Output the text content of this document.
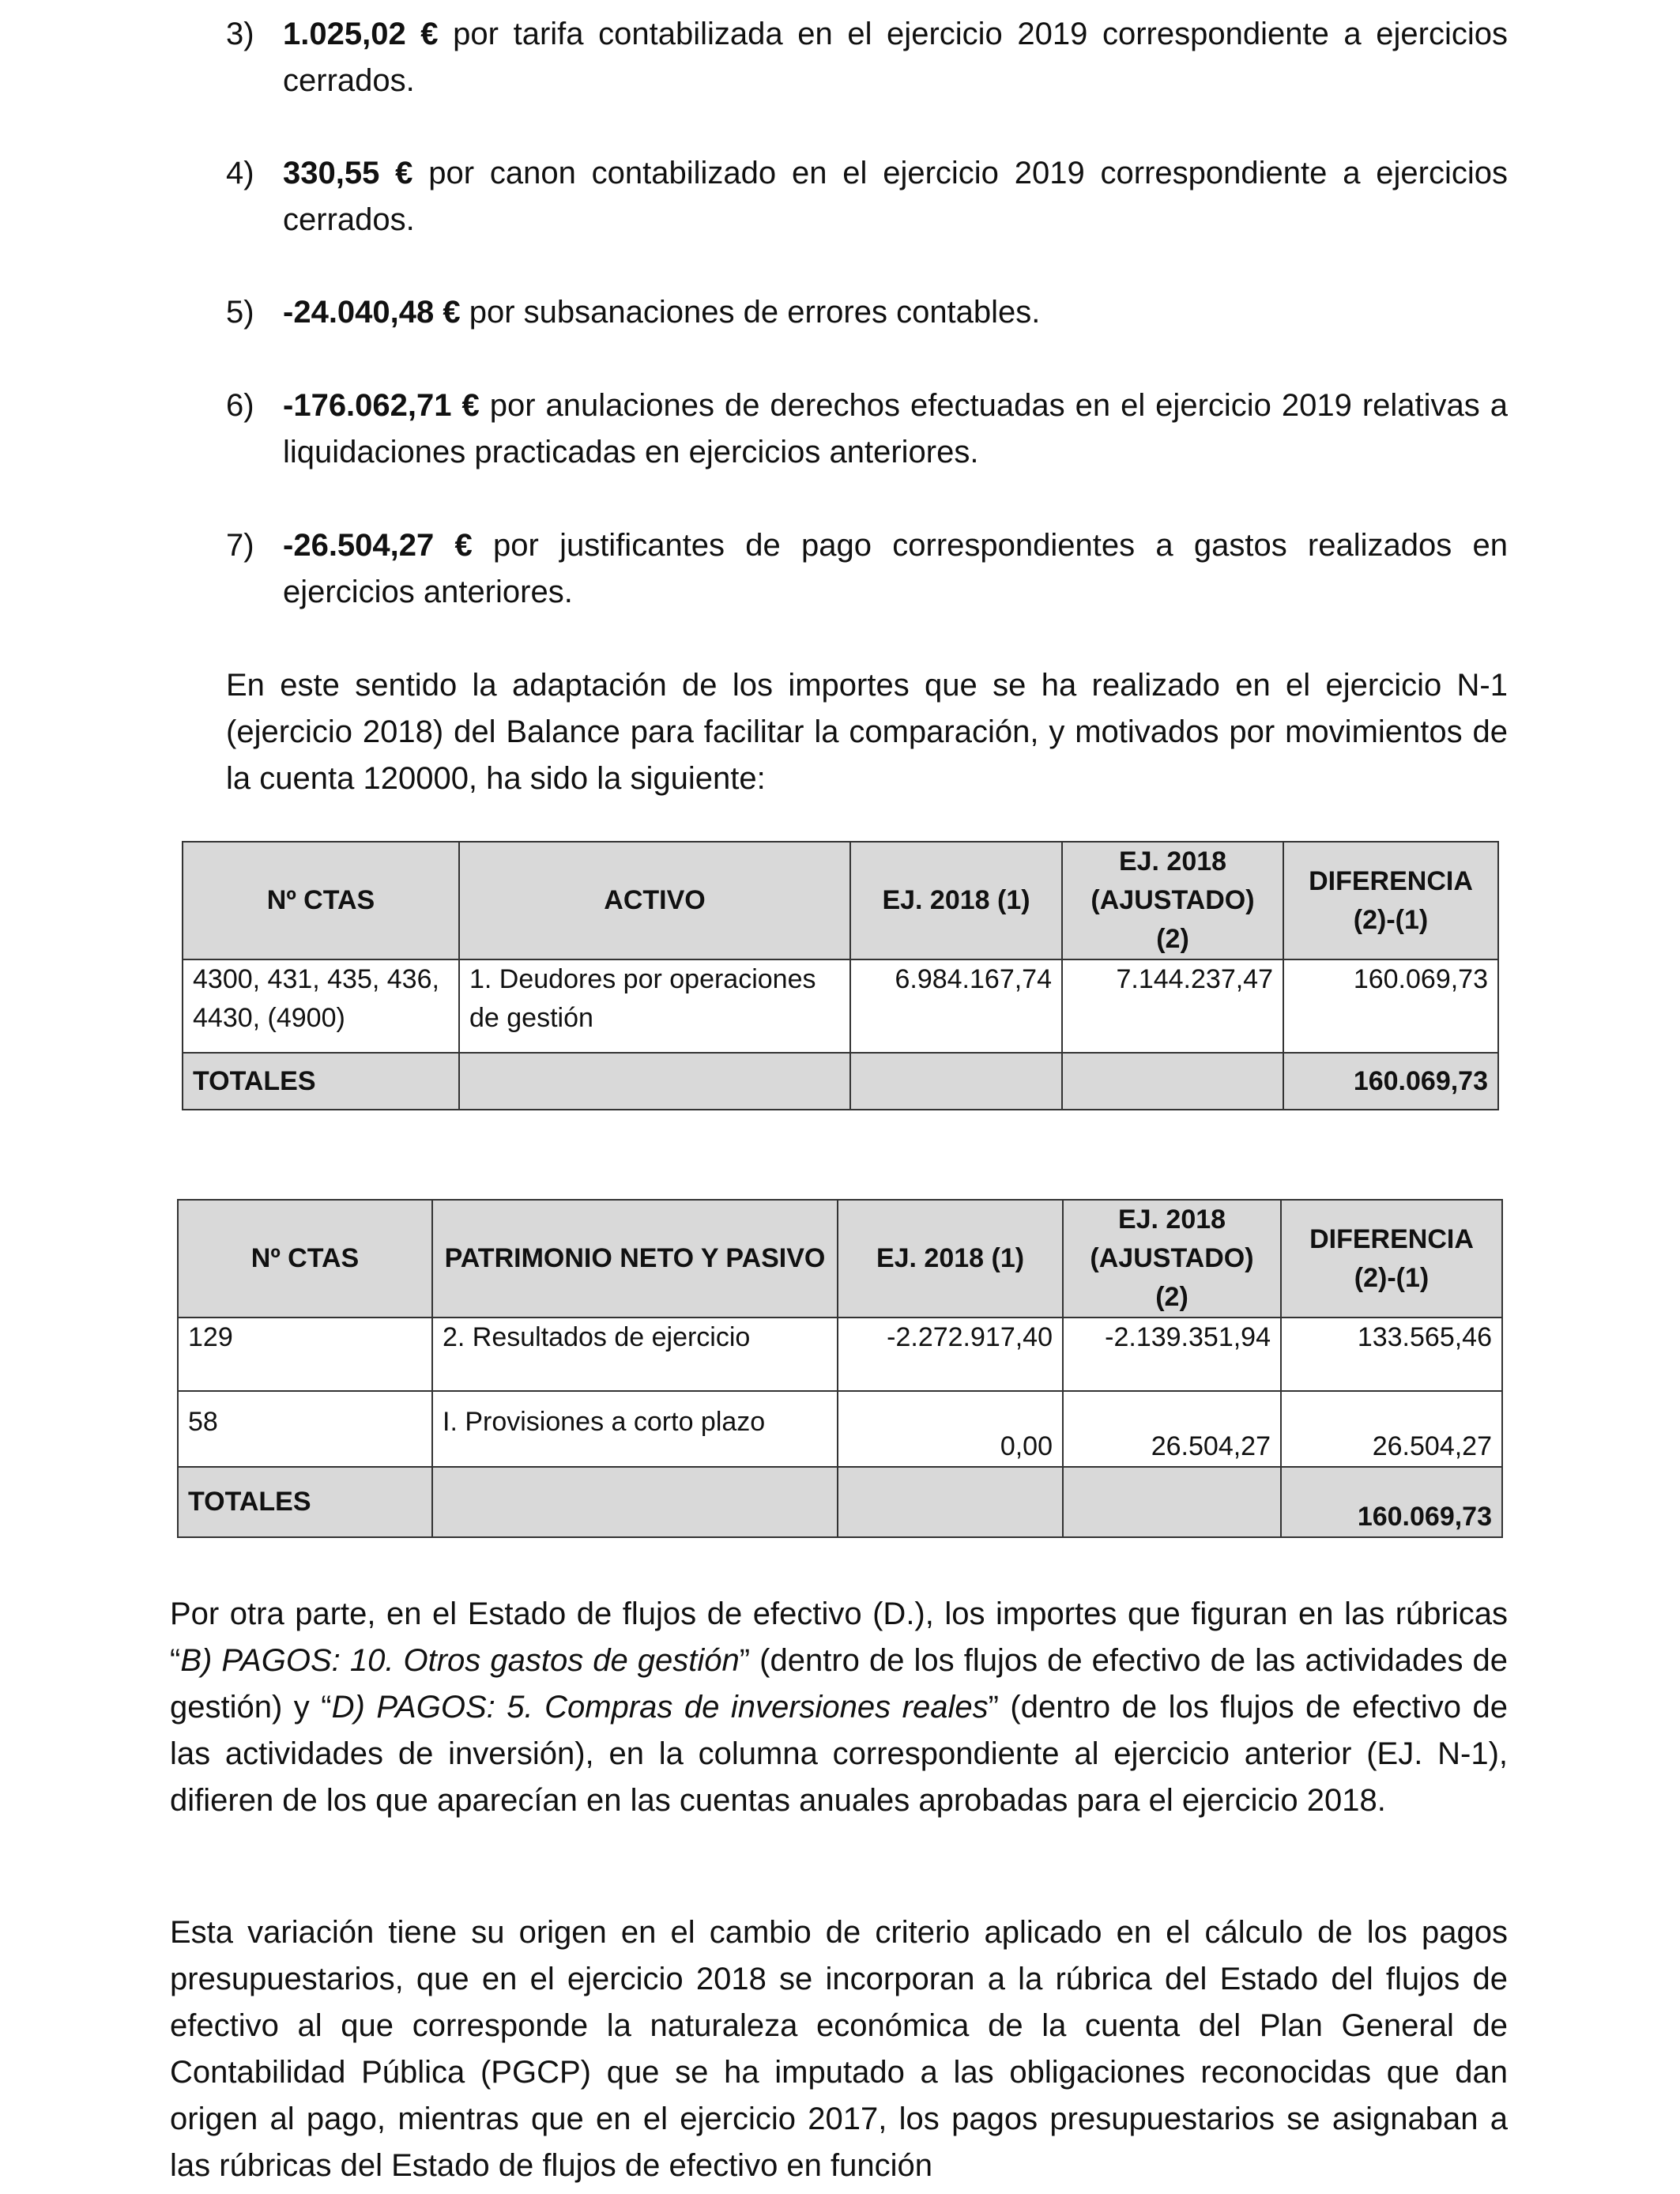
3) 1.025,02 € por tarifa contabilizada en el ejercicio 2019 correspondiente a ejercicios cerrados.
4) 330,55 € por canon contabilizado en el ejercicio 2019 correspondiente a ejercicios cerrados.
5) -24.040,48 € por subsanaciones de errores contables.
6) -176.062,71 € por anulaciones de derechos efectuadas en el ejercicio 2019 relativas a liquidaciones practicadas en ejercicios anteriores.
7) -26.504,27 € por justificantes de pago correspondientes a gastos realizados en ejercicios anteriores.
En este sentido la adaptación de los importes que se ha realizado en el ejercicio N-1 (ejercicio 2018) del Balance para facilitar la comparación, y motivados por movimientos de la cuenta 120000, ha sido la siguiente:
Nº CTAS	ACTIVO	EJ. 2018 (1)	EJ. 2018 (AJUSTADO) (2)	DIFERENCIA (2)-(1)
4300, 431, 435, 436, 4430, (4900)	1. Deudores por operaciones de gestión	6.984.167,74	7.144.237,47	160.069,73
TOTALES				160.069,73
Nº CTAS	PATRIMONIO NETO Y PASIVO	EJ. 2018 (1)	EJ. 2018 (AJUSTADO) (2)	DIFERENCIA (2)-(1)
129	2. Resultados de ejercicio	-2.272.917,40	-2.139.351,94	133.565,46
58	I. Provisiones a corto plazo	0,00	26.504,27	26.504,27
TOTALES				160.069,73
Por otra parte, en el Estado de flujos de efectivo (D.), los importes que figuran en las rúbricas “B) PAGOS: 10. Otros gastos de gestión” (dentro de los flujos de efectivo de las actividades de gestión) y “D) PAGOS: 5. Compras de inversiones reales” (dentro de los flujos de efectivo de las actividades de inversión), en la columna correspondiente al ejercicio anterior (EJ. N-1), difieren de los que aparecían en las cuentas anuales aprobadas para el ejercicio 2018.
Esta variación tiene su origen en el cambio de criterio aplicado en el cálculo de los pagos presupuestarios, que en el ejercicio 2018 se incorporan a la rúbrica del Estado del flujos de efectivo al que corresponde la naturaleza económica de la cuenta del Plan General de Contabilidad Pública (PGCP) que se ha imputado a las obligaciones reconocidas que dan origen al pago, mientras que en el ejercicio 2017, los pagos presupuestarios se asignaban a las rúbricas del Estado de flujos de efectivo en función
